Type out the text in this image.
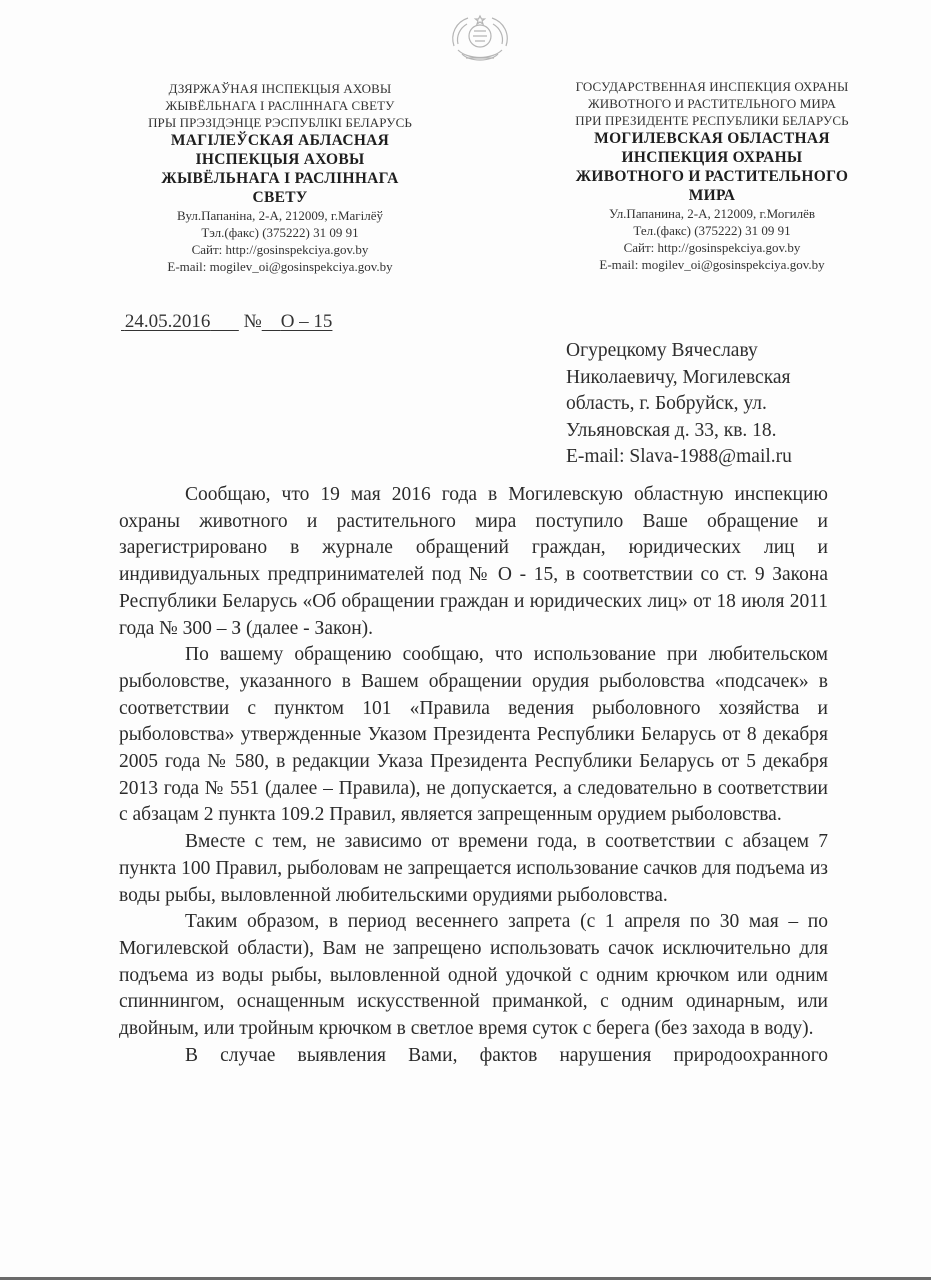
ДЗЯРЖАЎНАЯ ІНСПЕКЦЫЯ АХОВЫ
ЖЫВЁЛЬНАГА І РАСЛІННАГА СВЕТУ
ПРЫ ПРЭЗІДЭНЦЕ РЭСПУБЛІКІ БЕЛАРУСЬ
МАГІЛЕЎСКАЯ АБЛАСНАЯ
ІНСПЕКЦЫЯ АХОВЫ
ЖЫВЁЛЬНАГА І РАСЛІННАГА
СВЕТУ
Вул.Папаніна, 2-А, 212009, г.Магілёў
Тэл.(факс) (375222) 31 09 91
Сайт: http://gosinspekciya.gov.by
E-mail: mogilev_oi@gosinspekciya.gov.by
ГОСУДАРСТВЕННАЯ ИНСПЕКЦИЯ ОХРАНЫ
ЖИВОТНОГО И РАСТИТЕЛЬНОГО МИРА
ПРИ ПРЕЗИДЕНТЕ РЕСПУБЛИКИ БЕЛАРУСЬ
МОГИЛЕВСКАЯ ОБЛАСТНАЯ
ИНСПЕКЦИЯ ОХРАНЫ
ЖИВОТНОГО И РАСТИТЕЛЬНОГО
МИРА
Ул.Папанина, 2-А, 212009, г.Могилёв
Тел.(факс) (375222) 31 09 91
Сайт: http://gosinspekciya.gov.by
E-mail: mogilev_oi@gosinspekciya.gov.by
 24.05.2016 № О – 15
Огурецкому Вячеславу
Николаевичу, Могилевская
область, г. Бобруйск, ул.
Ульяновская д. 33, кв. 18.
E-mail: Slava-1988@mail.ru

Сообщаю, что 19 мая 2016 года в Могилевскую областную инспекцию охраны животного и растительного мира поступило Ваше обращение и зарегистрировано в журнале обращений граждан, юридических лиц и индивидуальных предпринимателей под № О - 15, в соответствии со ст. 9 Закона Республики Беларусь «Об обращении граждан и юридических лиц» от 18 июля 2011 года № 300 – З (далее - Закон).

По вашему обращению сообщаю, что использование при любительском рыболовстве, указанного в Вашем обращении орудия рыболовства «подсачек» в соответствии с пунктом 101 «Правила ведения рыболовного хозяйства и рыболовства» утвержденные Указом Президента Республики Беларусь от 8 декабря 2005 года № 580, в редакции Указа Президента Республики Беларусь от 5 декабря 2013 года № 551 (далее – Правила), не допускается, а следовательно в соответствии с абзацам 2 пункта 109.2 Правил, является запрещенным орудием рыболовства.

Вместе с тем, не зависимо от времени года, в соответствии с абзацем 7 пункта 100 Правил, рыболовам не запрещается использование сачков для подъема из воды рыбы, выловленной любительскими орудиями рыболовства.

Таким образом, в период весеннего запрета (с 1 апреля по 30 мая – по Могилевской области), Вам не запрещено использовать сачок исключительно для подъема из воды рыбы, выловленной одной удочкой с одним крючком или одним спиннингом, оснащенным искусственной приманкой, с одним одинарным, или двойным, или тройным крючком в светлое время суток с берега (без захода в воду).

В случае выявления Вами, фактов нарушения природоохранного
